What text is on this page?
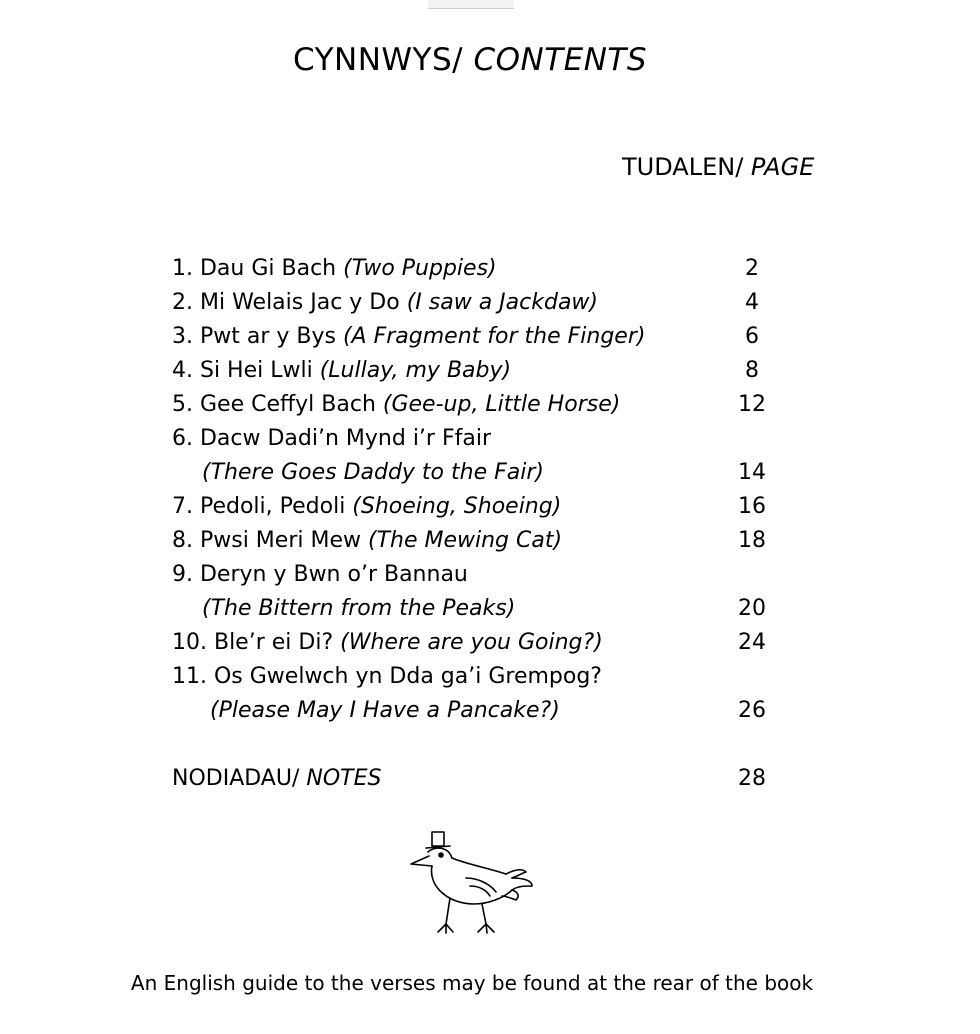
CYNNWYS/ CONTENTS
TUDALEN/ PAGE
1. Dau Gi Bach (Two Puppies)	2
2. Mi Welais Jac y Do (I saw a Jackdaw)	4
3. Pwt ar y Bys (A Fragment for the Finger)	6
4. Si Hei Lwli (Lullay, my Baby)	8
5. Gee Ceffyl Bach (Gee-up, Little Horse)	12
6. Dacw Dadi’n Mynd i’r Ffair
(There Goes Daddy to the Fair)	14
7. Pedoli, Pedoli (Shoeing, Shoeing)	16
8. Pwsi Meri Mew (The Mewing Cat)	18
9. Deryn y Bwn o’r Bannau
(The Bittern from the Peaks)	20
10. Ble’r ei Di? (Where are you Going?)	24
11. Os Gwelwch yn Dda ga’i Grempog?
(Please May I Have a Pancake?)	26
NODIADAU/ NOTES	28
An English guide to the verses may be found at the rear of the book
